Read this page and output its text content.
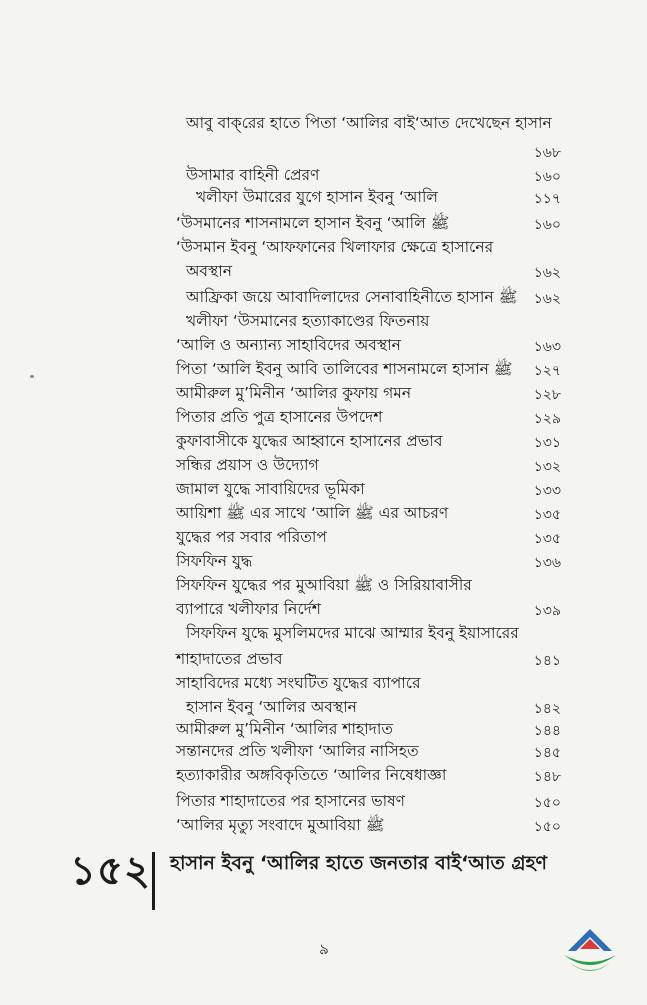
আবু বাক্‌রের হাতে পিতা ‘আলির বাই‘আত দেখেছেন হাসান
১৬৮
উসামার বাহিনী প্রেরণ	১৬০
খলীফা উমারের যুগে হাসান ইবনু ‘আলি	১১৭
‘উসমানের শাসনামলে হাসান ইবনু ‘আলি ﷺ	১৬০
‘উসমান ইবনু ‘আফফানের খিলাফার ক্ষেত্রে হাসানের
অবস্থান	১৬২
আফ্রিকা জয়ে আবাদিলাদের সেনাবাহিনীতে হাসান ﷺ	১৬২
খলীফা ‘উসমানের হত্যাকাণ্ডের ফিতনায়
‘আলি ও অন্যান্য সাহাবিদের অবস্থান	১৬৩
পিতা ‘আলি ইবনু আবি তালিবের শাসনামলে হাসান ﷺ	১২৭
আমীরুল মু’মিনীন ‘আলির কুফায় গমন	১২৮
পিতার প্রতি পুত্র হাসানের উপদেশ	১২৯
কুফাবাসীকে যুদ্ধের আহ্বানে হাসানের প্রভাব	১৩১
সন্ধির প্রয়াস ও উদ্যোগ	১৩২
জামাল যুদ্ধে সাবায়িদের ভূমিকা	১৩৩
আয়িশা ﷺ এর সাথে ‘আলি ﷺ এর আচরণ	১৩৫
যুদ্ধের পর সবার পরিতাপ	১৩৫
সিফফিন যুদ্ধ	১৩৬
সিফফিন যুদ্ধের পর মুআবিয়া ﷺ ও সিরিয়াবাসীর
ব্যাপারে খলীফার নির্দেশ	১৩৯
সিফফিন যুদ্ধে মুসলিমদের মাঝে আম্মার ইবনু ইয়াসারের
শাহাদাতের প্রভাব	১৪১
সাহাবিদের মধ্যে সংঘটিত যুদ্ধের ব্যাপারে
হাসান ইবনু ‘আলির অবস্থান	১৪২
আমীরুল মু’মিনীন ‘আলির শাহাদাত	১৪৪
সন্তানদের প্রতি খলীফা ‘আলির নাসিহত	১৪৫
হত্যাকারীর অঙ্গবিকৃতিতে ‘আলির নিষেধাজ্ঞা	১৪৮
পিতার শাহাদাতের পর হাসানের ভাষণ	১৫০
‘আলির মৃত্যু সংবাদে মুআবিয়া ﷺ	১৫০
১৫২ হাসান ইবনু ‘আলির হাতে জনতার বাই‘আত গ্রহণ
৯
